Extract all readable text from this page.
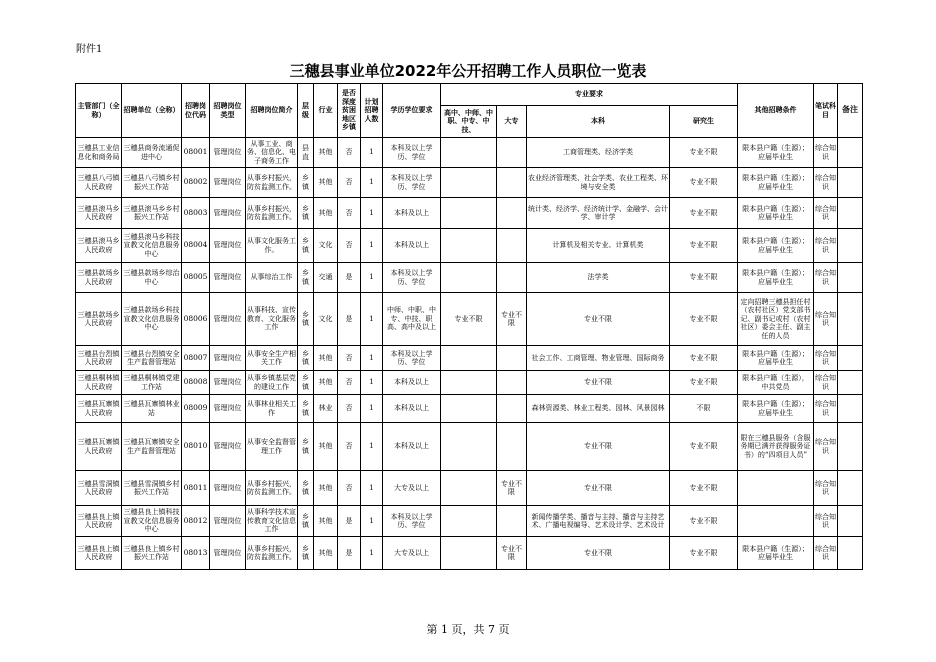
附件1
三穗县事业单位2022年公开招聘工作人员职位一览表
主管部门（全称）	招聘单位（全称）	招聘岗位代码	招聘岗位类型	招聘岗位简介	层级	行业	是否深度贫困地区乡镇	计划招聘人数	学历学位要求	专业要求				其他招聘条件	笔试科目	备注
										高中、中师、中职、中专、中技、	大专	本科	研究生			
三穗县工业信息化和商务局	三穗县商务流通促进中心	08001	管理岗位	从事工业、商务、信息化、电子商务工作	县直	其他	否	1	本科及以上学历、学位			工商管理类、经济学类	专业不限	限本县户籍（生源）；应届毕业生	综合知识	
三穗县八弓镇人民政府	三穗县八弓镇乡村振兴工作站	08002	管理岗位	从事乡村振兴，防贫监测工作。	乡镇	其他	否	1	本科及以上学历、学位			农业经济管理类、社会学类、农业工程类、环境与安全类	专业不限	限本县户籍（生源）；应届毕业生	综合知识	
三穗县滚马乡人民政府	三穗县滚马乡乡村振兴工作站	08003	管理岗位	从事乡村振兴，防贫监测工作。	乡镇	其他	否	1	本科及以上			统计类、经济学、经济统计学、金融学、会计学、审计学	专业不限	限本县户籍（生源）；应届毕业生	综合知识	
三穗县滚马乡人民政府	三穗县滚马乡科技宣教文化信息服务中心	08004	管理岗位	从事文化服务工作。	乡镇	文化	否	1	本科及以上			计算机及相关专业、计算机类	专业不限	限本县户籍（生源）；应届毕业生	综合知识	
三穗县款场乡人民政府	三穗县款场乡综治中心	08005	管理岗位	从事综治工作	乡镇	交通	是	1	本科及以上学历、学位			法学类	专业不限	限本县户籍（生源）；应届毕业生	综合知识	
三穗县款场乡人民政府	三穗县款场乡科技宣教文化信息服务中心	08006	管理岗位	从事科技、宣传教育、文化服务工作	乡镇	文化	是	1	中师、中职、中专、中技、职高、高中及以上	专业不限	专业不限	专业不限	专业不限	定向招聘三穗县担任村（农村社区）党支部书记、副书记或村（农村社区）委会主任、副主任的人员	综合知识	
三穗县台烈镇人民政府	三穗县台烈镇安全生产监督管理站	08007	管理岗位	从事安全生产相关工作	乡镇	其他	否	1	本科及以上学历、学位			社会工作、工商管理、物业管理、国际商务	专业不限	限本县户籍（生源）；应届毕业生	综合知识	
三穗县桐林镇人民政府	三穗县桐林镇党建工作站	08008	管理岗位	从事乡镇基层党的建设工作	乡镇	其他	否	1	本科及以上			专业不限	专业不限	限本县户籍（生源），中共党员	综合知识	
三穗县瓦寨镇人民政府	三穗县瓦寨镇林业站	08009	管理岗位	从事林业相关工作	乡镇	林业	否	1	本科及以上			森林资源类、林业工程类、园林、风景园林	不限	限本县户籍（生源）；应届毕业生	综合知识	
三穗县瓦寨镇人民政府	三穗县瓦寨镇安全生产监督管理站	08010	管理岗位	从事安全监督管理工作	乡镇	其他	否	1	本科及以上			专业不限	专业不限	限在三穗县服务（含服务期已满并获得服务证书）的“四项目人员”	综合知识	
三穗县雪洞镇人民政府	三穗县雪洞镇乡村振兴工作站	08011	管理岗位	从事乡村振兴，防贫监测工作。	乡镇	其他	否	1	大专及以上		专业不限	专业不限	专业不限		综合知识	
三穗县良上镇人民政府	三穗县良上镇科技宣教文化信息服务中心	08012	管理岗位	从事科学技术宣传教育文化信息工作	乡镇	其他	是	1	本科及以上学历、学位			新闻传播学类、播音与主持、播音与主持艺术、广播电视编导、艺术设计学、艺术设计	专业不限		综合知识	
三穗县良上镇人民政府	三穗县良上镇乡村振兴工作站	08013	管理岗位	从事乡村振兴，防贫监测工作。	乡镇	其他	是	1	大专及以上		专业不限	专业不限	专业不限	限本县户籍（生源）；应届毕业生	综合知识	
第 1 页，共 7 页
